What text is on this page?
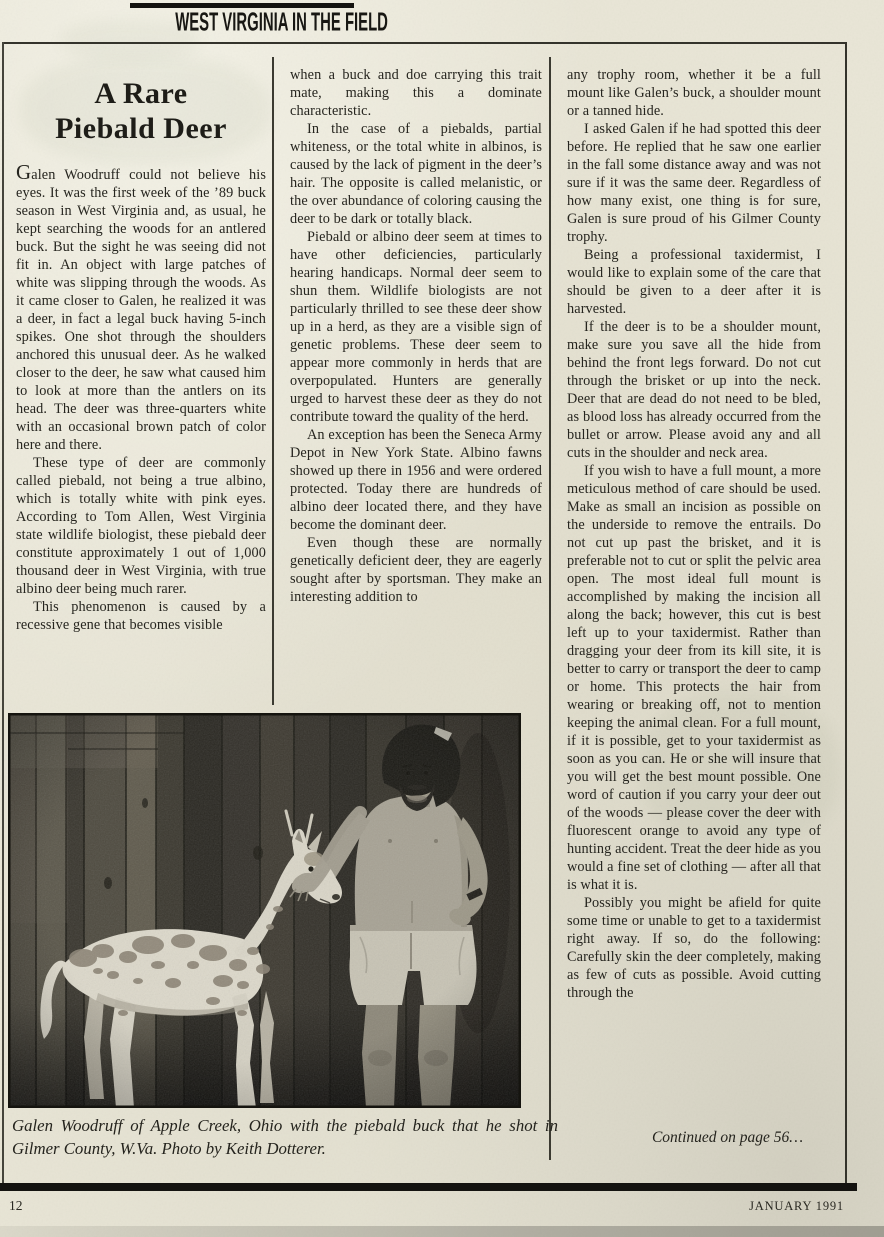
WEST VIRGINIA IN THE FIELD
A Rare
Piebald Deer

Galen Woodruff could not believe his eyes. It was the first week of the ’89 buck season in West Virginia and, as usual, he kept searching the woods for an antlered buck. But the sight he was seeing did not fit in. An object with large patches of white was slipping through the woods. As it came closer to Galen, he realized it was a deer, in fact a legal buck having 5-inch spikes. One shot through the shoulders anchored this unusual deer. As he walked closer to the deer, he saw what caused him to look at more than the antlers on its head. The deer was three-quarters white with an occasional brown patch of color here and there.

These type of deer are commonly called piebald, not being a true albino, which is totally white with pink eyes. According to Tom Allen, West Virginia state wildlife biologist, these piebald deer constitute approximately 1 out of 1,000 thousand deer in West Virginia, with true albino deer being much rarer.

This phenomenon is caused by a recessive gene that becomes visible

when a buck and doe carrying this trait mate, making this a dominate characteristic.

In the case of a piebalds, partial whiteness, or the total white in albinos, is caused by the lack of pigment in the deer’s hair. The opposite is called melanistic, or the over abundance of coloring causing the deer to be dark or totally black.

Piebald or albino deer seem at times to have other deficiencies, particularly hearing handicaps. Normal deer seem to shun them. Wildlife biologists are not particularly thrilled to see these deer show up in a herd, as they are a visible sign of genetic problems. These deer seem to appear more commonly in herds that are overpopulated. Hunters are generally urged to harvest these deer as they do not contribute toward the quality of the herd.

An exception has been the Seneca Army Depot in New York State. Albino fawns showed up there in 1956 and were ordered protected. Today there are hundreds of albino deer located there, and they have become the dominant deer.

Even though these are normally genetically deficient deer, they are eagerly sought after by sportsman. They make an interesting addition to

any trophy room, whether it be a full mount like Galen’s buck, a shoulder mount or a tanned hide.

I asked Galen if he had spotted this deer before. He replied that he saw one earlier in the fall some distance away and was not sure if it was the same deer. Regardless of how many exist, one thing is for sure, Galen is sure proud of his Gilmer County trophy.

Being a professional taxidermist, I would like to explain some of the care that should be given to a deer after it is harvested.

If the deer is to be a shoulder mount, make sure you save all the hide from behind the front legs forward. Do not cut through the brisket or up into the neck. Deer that are dead do not need to be bled, as blood loss has already occurred from the bullet or arrow. Please avoid any and all cuts in the shoulder and neck area.

If you wish to have a full mount, a more meticulous method of care should be used. Make as small an incision as possible on the underside to remove the entrails. Do not cut up past the brisket, and it is preferable not to cut or split the pelvic area open. The most ideal full mount is accomplished by making the incision all along the back; however, this cut is best left up to your taxidermist. Rather than dragging your deer from its kill site, it is better to carry or transport the deer to camp or home. This protects the hair from wearing or breaking off, not to mention keeping the animal clean. For a full mount, if it is possible, get to your taxidermist as soon as you can. He or she will insure that you will get the best mount possible. One word of caution if you carry your deer out of the woods — please cover the deer with fluorescent orange to avoid any type of hunting accident. Treat the deer hide as you would a fine set of clothing — after all that is what it is.

Possibly you might be afield for quite some time or unable to get to a taxidermist right away. If so, do the following: Carefully skin the deer completely, making as few of cuts as possible. Avoid cutting through the

Galen Woodruff of Apple Creek, Ohio with the piebald buck that he shot in Gilmer County, W.Va. Photo by Keith Dotterer.
Continued on page 56…
12	JANUARY 1991
